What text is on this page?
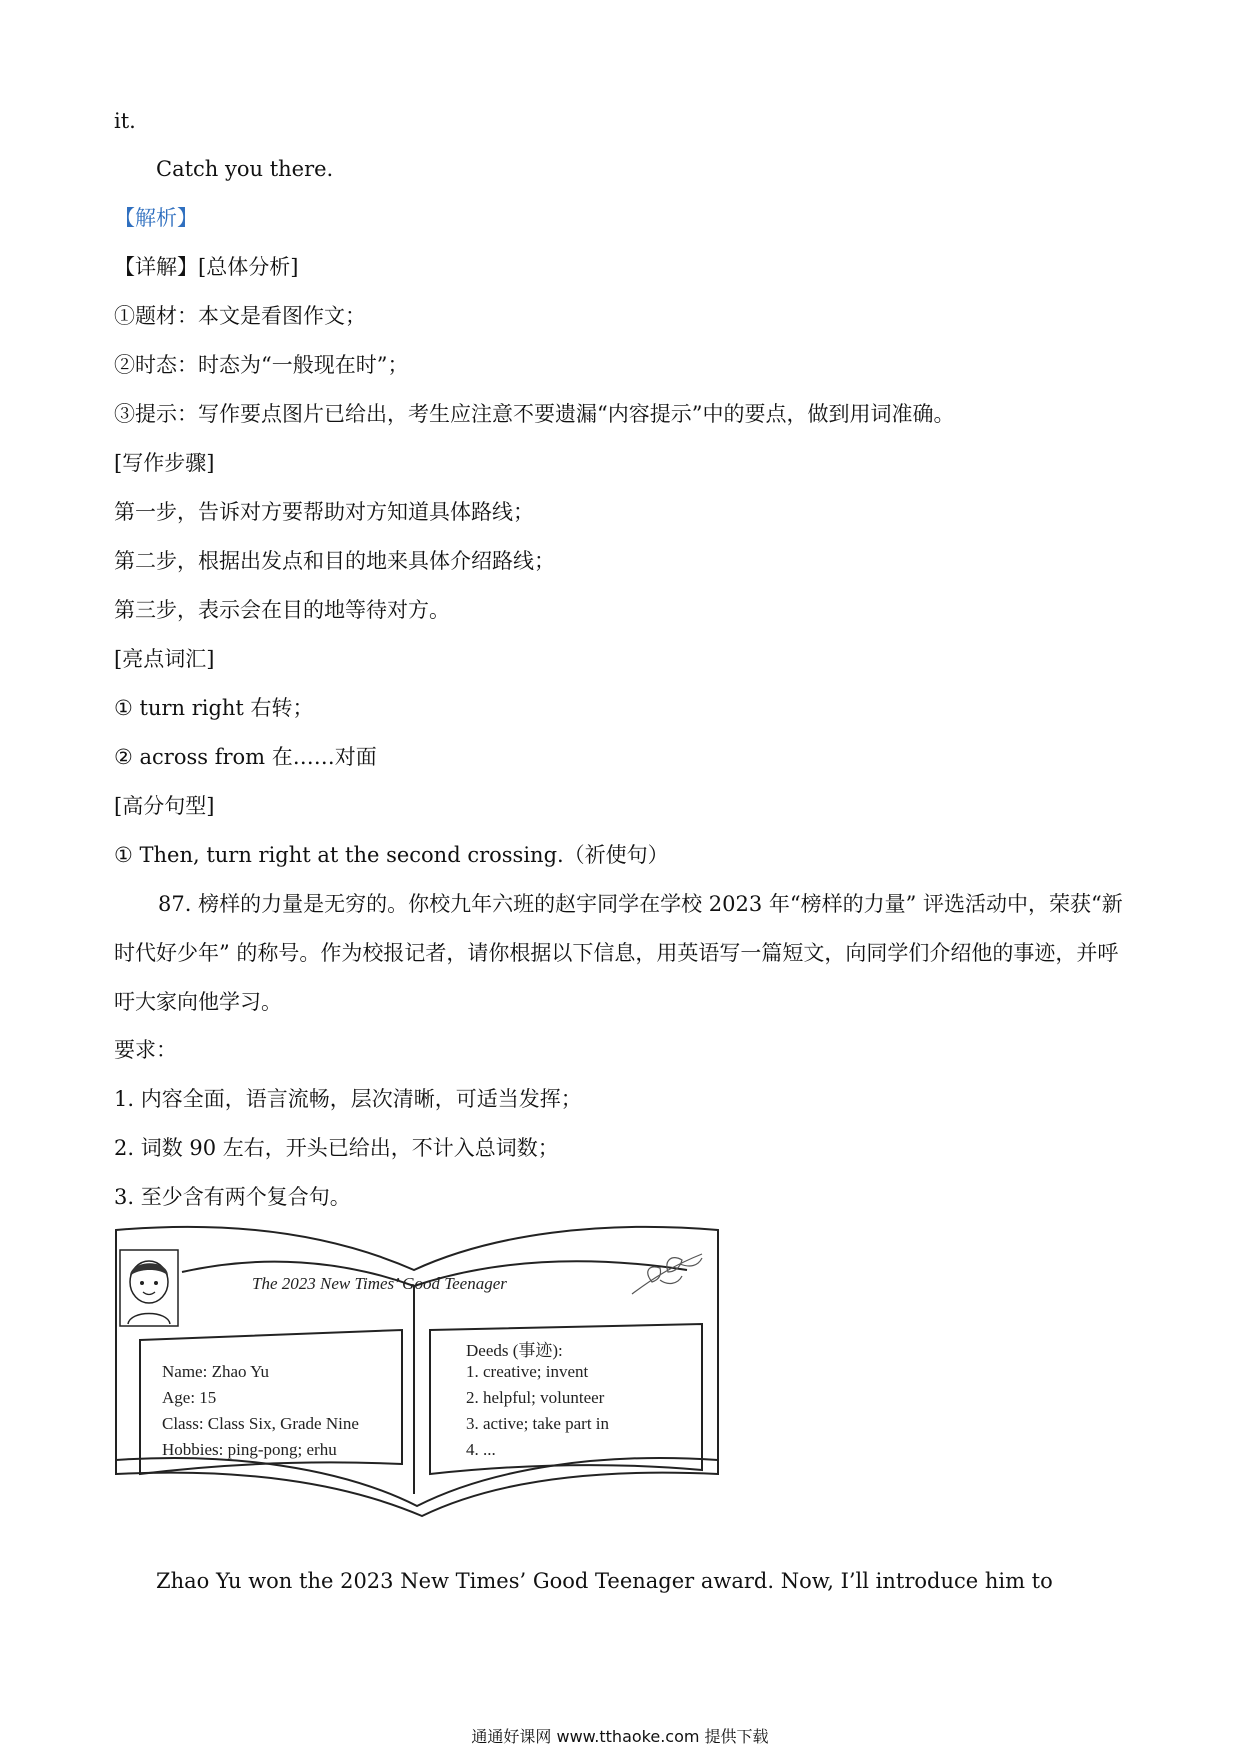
it.
Catch you there.
【解析】
【详解】[总体分析]
①题材：本文是看图作文；
②时态：时态为“一般现在时”；
③提示：写作要点图片已给出，考生应注意不要遗漏“内容提示”中的要点，做到用词准确。
[写作步骤]
第一步，告诉对方要帮助对方知道具体路线；
第二步，根据出发点和目的地来具体介绍路线；
第三步，表示会在目的地等待对方。
[亮点词汇]
① turn right 右转；
② across from 在……对面
[高分句型]
① Then, turn right at the second crossing.（祈使句）
87. 榜样的力量是无穷的。你校九年六班的赵宇同学在学校 2023 年“榜样的力量” 评选活动中，荣获“新时代好少年” 的称号。作为校报记者，请你根据以下信息，用英语写一篇短文，向同学们介绍他的事迹，并呼吁大家向他学习。
要求：
1. 内容全面，语言流畅，层次清晰，可适当发挥；
2. 词数 90 左右，开头已给出，不计入总词数；
3. 至少含有两个复合句。
The 2023 New Times’ Good Teenager
Name: Zhao Yu
Age: 15
Class: Class Six, Grade Nine
Hobbies: ping-pong; erhu
Deeds (事迹):
1. creative; invent
2. helpful; volunteer
3. active; take part in
4. ...
Zhao Yu won the 2023 New Times’ Good Teenager award. Now, I’ll introduce him to
通通好课网 www.tthaoke.com 提供下载
